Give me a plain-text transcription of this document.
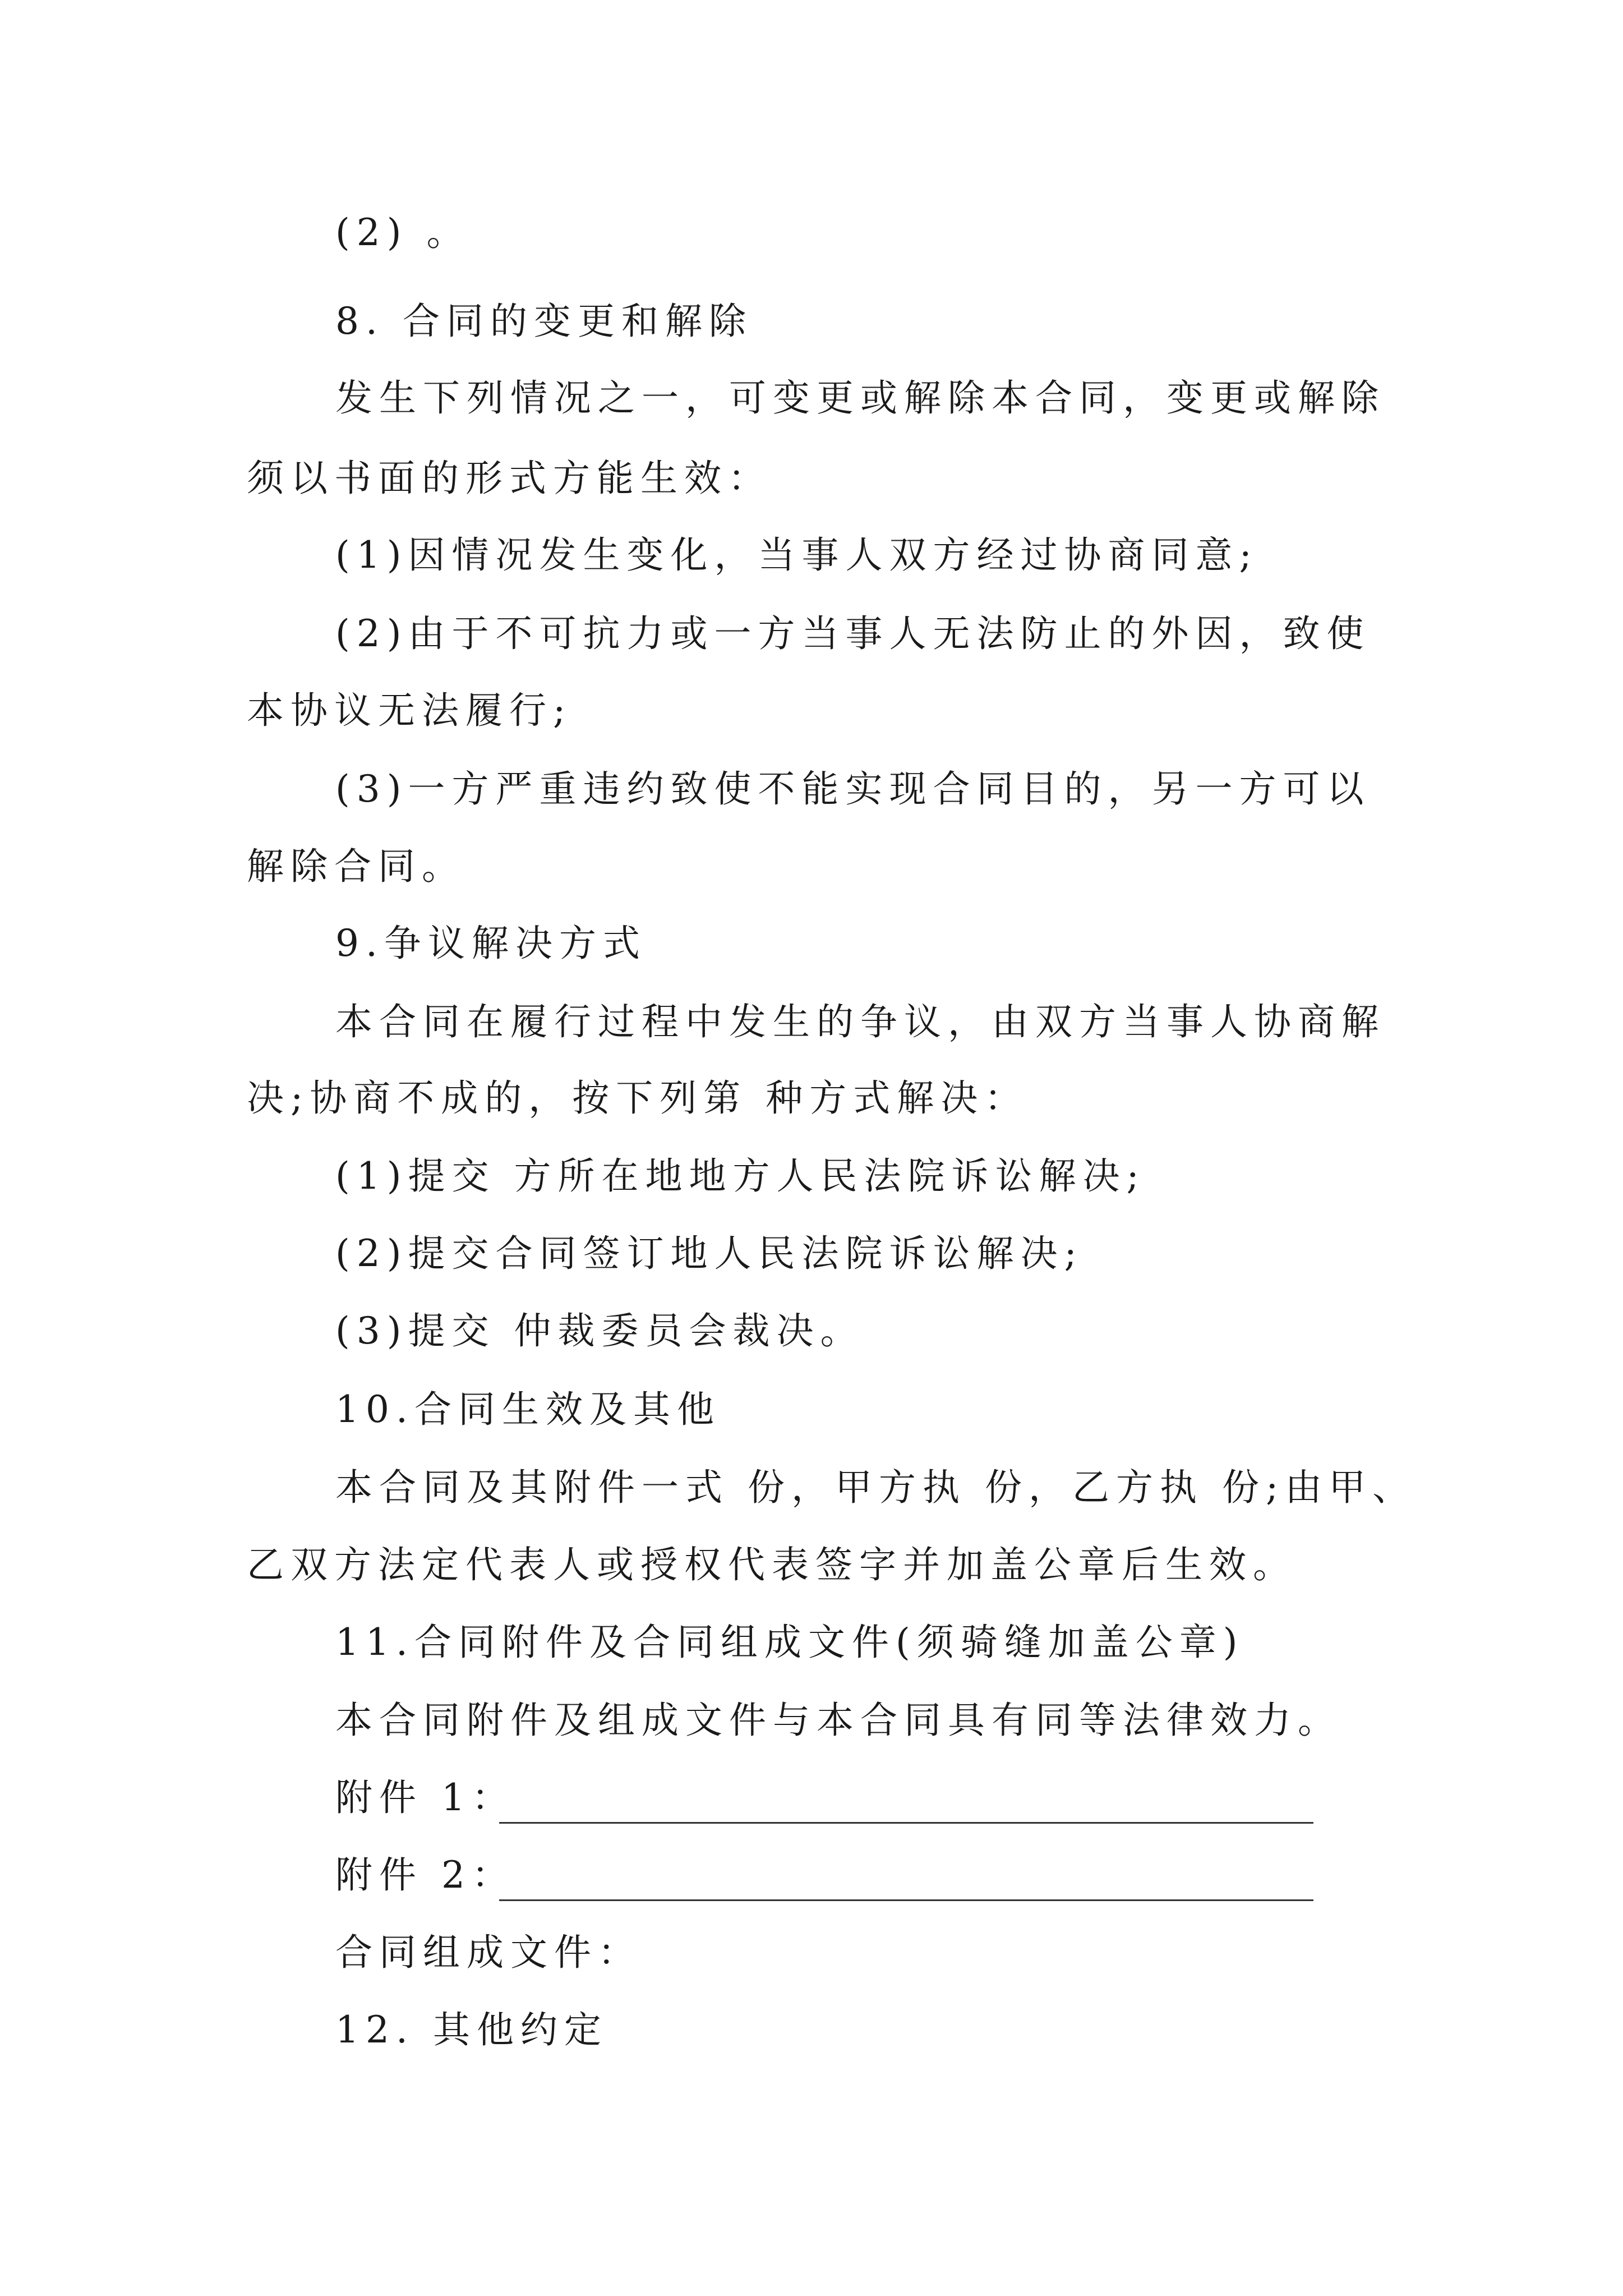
(2) 。
8. 合同的变更和解除
发生下列情况之一，可变更或解除本合同，变更或解除
须以书面的形式方能生效：
(1)因情况发生变化，当事人双方经过协商同意;
(2)由于不可抗力或一方当事人无法防止的外因，致使
本协议无法履行;
(3)一方严重违约致使不能实现合同目的，另一方可以
解除合同。
9.争议解决方式
本合同在履行过程中发生的争议，由双方当事人协商解
决;协商不成的，按下列第 种方式解决：
(1)提交 方所在地地方人民法院诉讼解决;
(2)提交合同签订地人民法院诉讼解决;
(3)提交 仲裁委员会裁决。
10.合同生效及其他
本合同及其附件一式 份，甲方执 份，乙方执 份;由甲、
乙双方法定代表人或授权代表签字并加盖公章后生效。
11.合同附件及合同组成文件(须骑缝加盖公章)
本合同附件及组成文件与本合同具有同等法律效力。
附件 1：
附件 2：
合同组成文件：
12. 其他约定
